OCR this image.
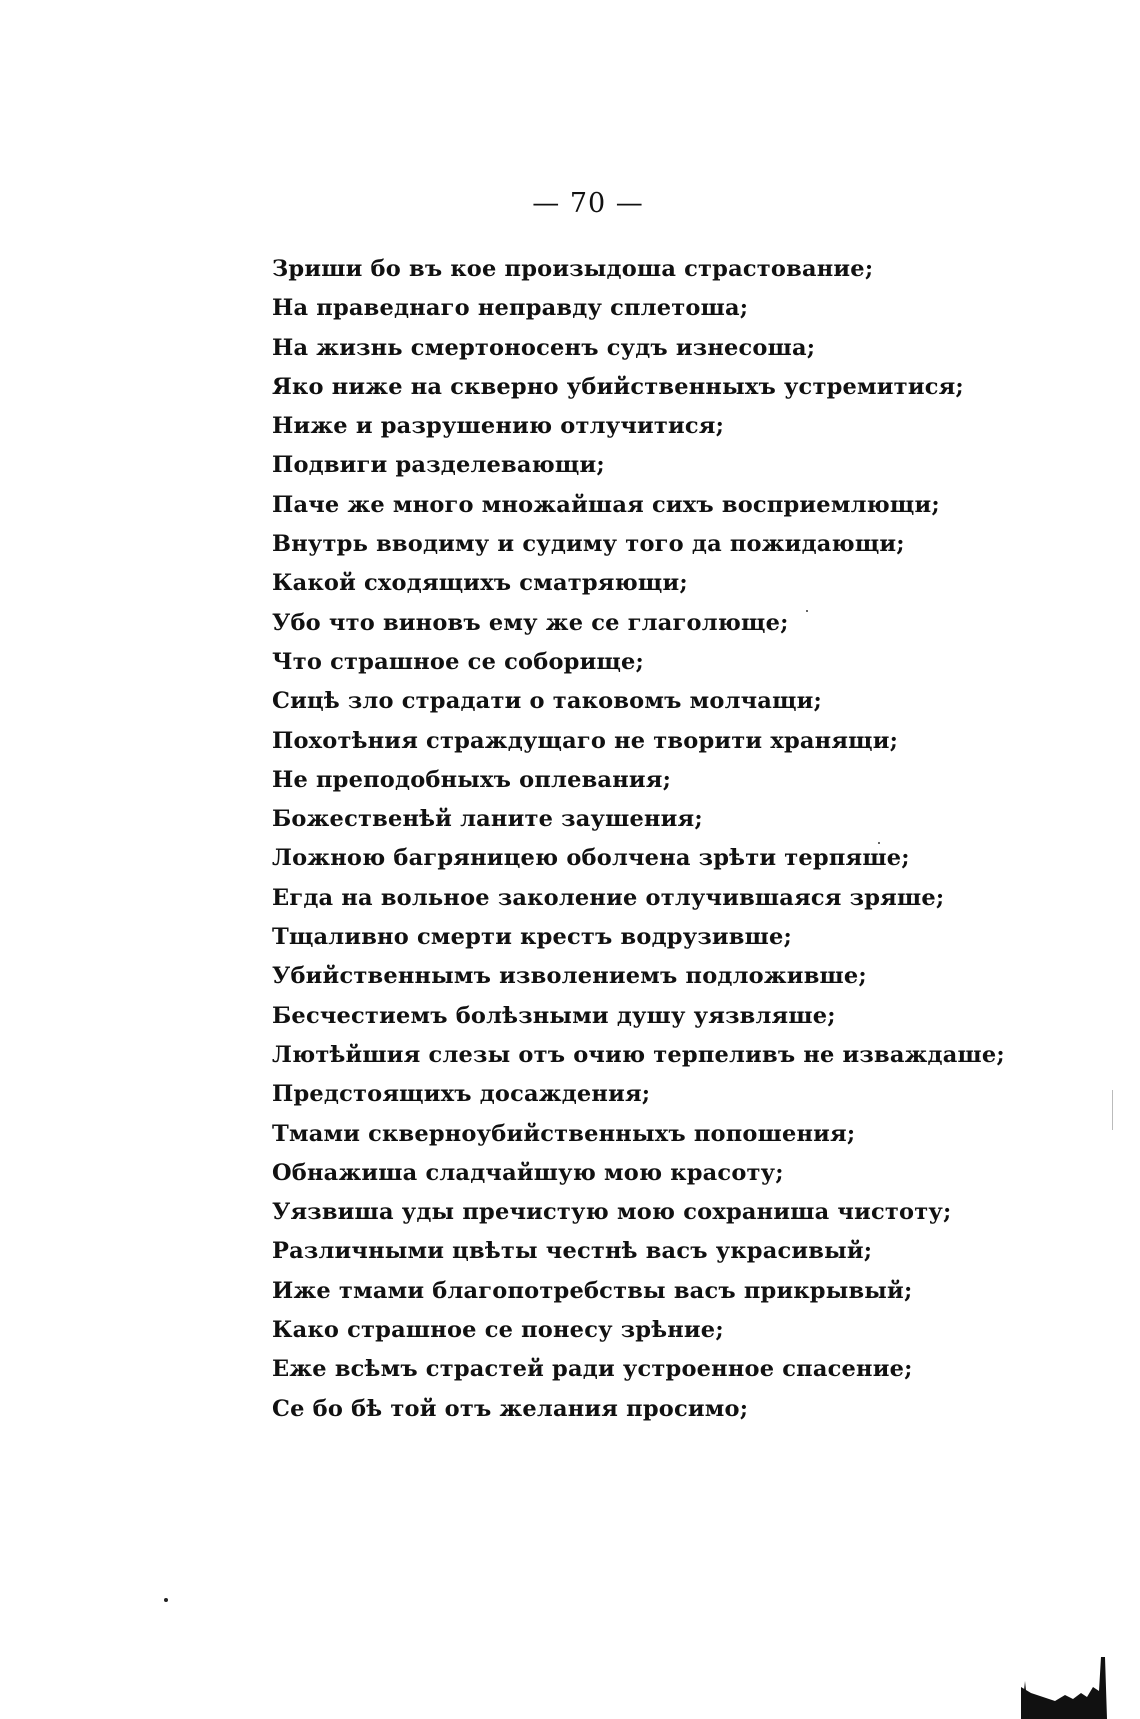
— 70 —
Зриши бо въ кое произыдоша страстование;
На праведнаго неправду сплетоша;
На жизнь смертоносенъ судъ изнесоша;
Яко ниже на скверно убийственныхъ устремитися;
Ниже и разрушению отлучитися;
Подвиги разделевающи;
Паче же много множайшая сихъ восприемлющи;
Внутрь вводиму и судиму того да пожидающи;
Какой сходящихъ сматряющи;
Убо что виновъ ему же се глаголюще;
Что страшное се соборище;
Сицѣ зло страдати о таковомъ молчащи;
Похотѣния страждущаго не творити хранящи;
Не преподобныхъ оплевания;
Божественѣй ланите заушения;
Ложною багряницею оболчена зрѣти терпяше;
Егда на вольное заколение отлучившаяся зряше;
Тщаливно смерти крестъ водрузивше;
Убийственнымъ изволениемъ подложивше;
Бесчестиемъ болѣзными душу уязвляше;
Лютѣйшия слезы отъ очию терпеливъ не изваждаше;
Предстоящихъ досаждения;
Тмами скверноубийственныхъ попошения;
Обнажиша сладчайшую мою красоту;
Уязвиша уды пречистую мою сохраниша чистоту;
Различными цвѣты честнѣ васъ украсивый;
Иже тмами благопотребствы васъ прикрывый;
Како страшное се понесу зрѣние;
Еже всѣмъ страстей ради устроенное спасение;
Се бо бѣ той отъ желания просимо;
